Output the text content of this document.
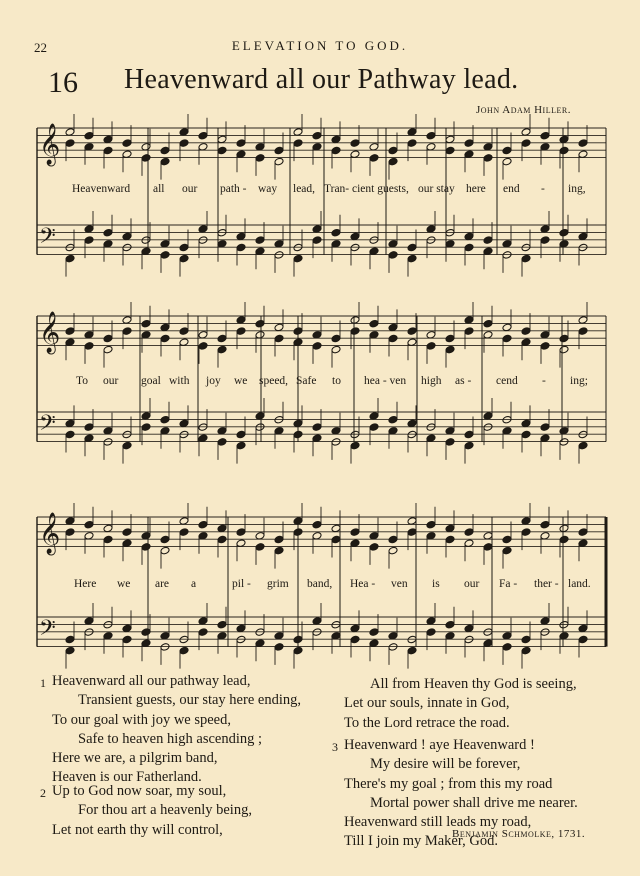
22	ELEVATION TO GOD.
16 Heavenward all our Pathway lead.
John Adam Hiller.
𝄞
𝄢
𝄞
𝄢
𝄞
𝄢
Heavenward all our path - way lead, Tran- cient guests, our stay here end - ing,
To our goal with joy we speed, Safe to hea - ven high as - cend - ing;
Here we are a	pil - grim band, Hea - ven is our Fa - ther - land.
1 Heavenward all our pathway lead,
Transient guests, our stay here ending,
To our goal with joy we speed,
Safe to heaven high ascending ;
Here we are, a pilgrim band,
Heaven is our Fatherland.
2 Up to God now soar, my soul,
For thou art a heavenly being,
Let not earth thy will control,
All from Heaven thy God is seeing,
Let our souls, innate in God,
To the Lord retrace the road.
3 Heavenward ! aye Heavenward !
My desire will be forever,
There's my goal ; from this my road
Mortal power shall drive me nearer.
Heavenward still leads my road,
Till I join my Maker, God.
Benjamin Schmolke, 1731.
